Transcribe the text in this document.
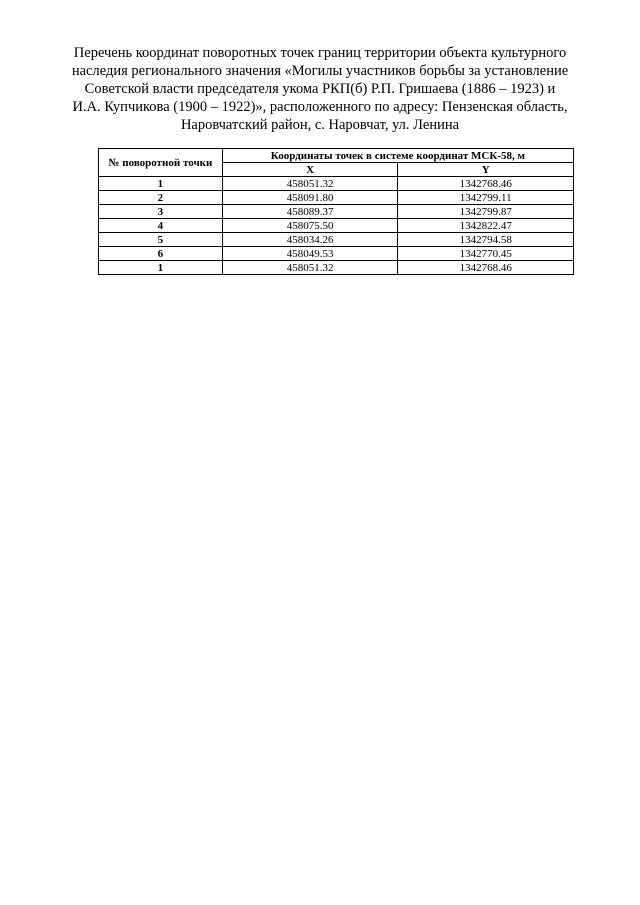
Перечень координат поворотных точек границ территории объекта культурного
наследия регионального значения «Могилы участников борьбы за установление
Советской власти председателя укома РКП(б) Р.П. Гришаева (1886 – 1923) и
И.А. Купчикова (1900 – 1922)», расположенного по адресу: Пензенская область,
Наровчатский район, с. Наровчат, ул. Ленина
№ поворотной точки	Координаты точек в системе координат МСК-58, м	
	X	Y
1	458051.32	1342768.46
2	458091.80	1342799.11
3	458089.37	1342799.87
4	458075.50	1342822.47
5	458034.26	1342794.58
6	458049.53	1342770.45
1	458051.32	1342768.46
